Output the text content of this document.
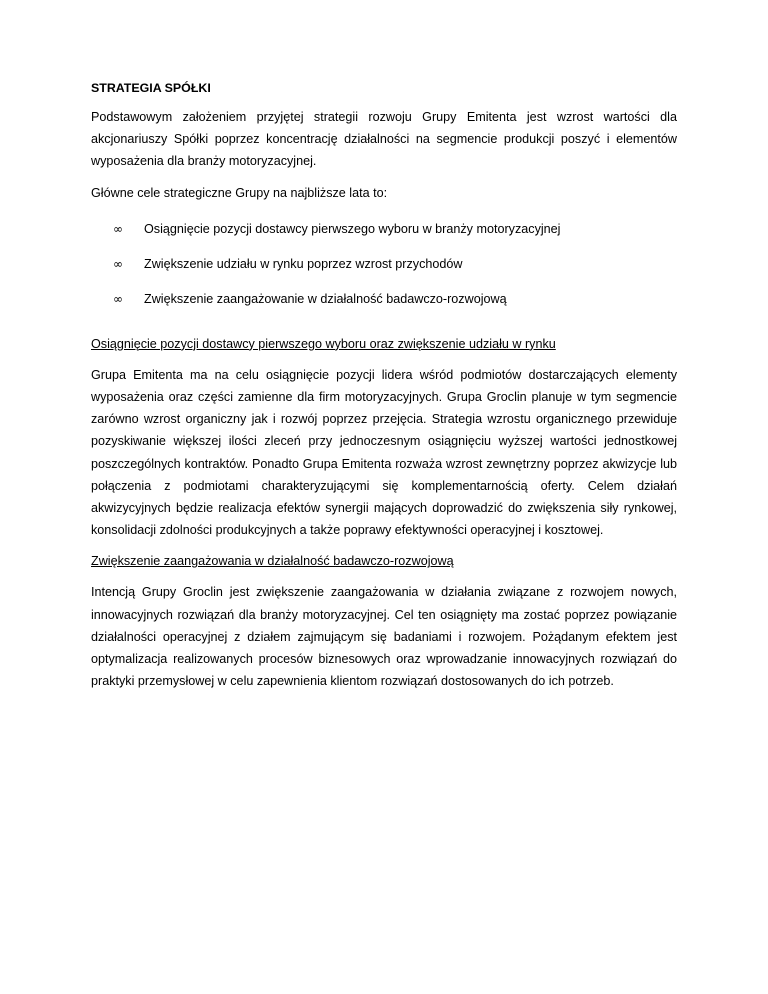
STRATEGIA SPÓŁKI

Podstawowym założeniem przyjętej strategii rozwoju Grupy Emitenta jest wzrost wartości dla akcjonariuszy Spółki poprzez koncentrację działalności na segmencie produkcji poszyć i elementów wyposażenia dla branży motoryzacyjnej.

Główne cele strategiczne Grupy na najbliższe lata to:

∞ Osiągnięcie pozycji dostawcy pierwszego wyboru w branży motoryzacyjnej
∞ Zwiększenie udziału w rynku poprzez wzrost przychodów
∞ Zwiększenie zaangażowanie w działalność badawczo-rozwojową
Osiągnięcie pozycji dostawcy pierwszego wyboru oraz zwiększenie udziału w rynku

Grupa Emitenta ma na celu osiągnięcie pozycji lidera wśród podmiotów dostarczających elementy wyposażenia oraz części zamienne dla firm motoryzacyjnych. Grupa Groclin planuje w tym segmencie zarówno wzrost organiczny jak i rozwój poprzez przejęcia. Strategia wzrostu organicznego przewiduje pozyskiwanie większej ilości zleceń przy jednoczesnym osiągnięciu wyższej wartości jednostkowej poszczególnych kontraktów. Ponadto Grupa Emitenta rozważa wzrost zewnętrzny poprzez akwizycje lub połączenia z podmiotami charakteryzującymi się komplementarnością oferty. Celem działań akwizycyjnych będzie realizacja efektów synergii mających doprowadzić do zwiększenia siły rynkowej, konsolidacji zdolności produkcyjnych a także poprawy efektywności operacyjnej i kosztowej.

Zwiększenie zaangażowania w działalność badawczo-rozwojową

Intencją Grupy Groclin jest zwiększenie zaangażowania w działania związane z rozwojem nowych, innowacyjnych rozwiązań dla branży motoryzacyjnej. Cel ten osiągnięty ma zostać poprzez powiązanie działalności operacyjnej z działem zajmującym się badaniami i rozwojem. Pożądanym efektem jest optymalizacja realizowanych procesów biznesowych oraz wprowadzanie innowacyjnych rozwiązań do praktyki przemysłowej w celu zapewnienia klientom rozwiązań dostosowanych do ich potrzeb.
